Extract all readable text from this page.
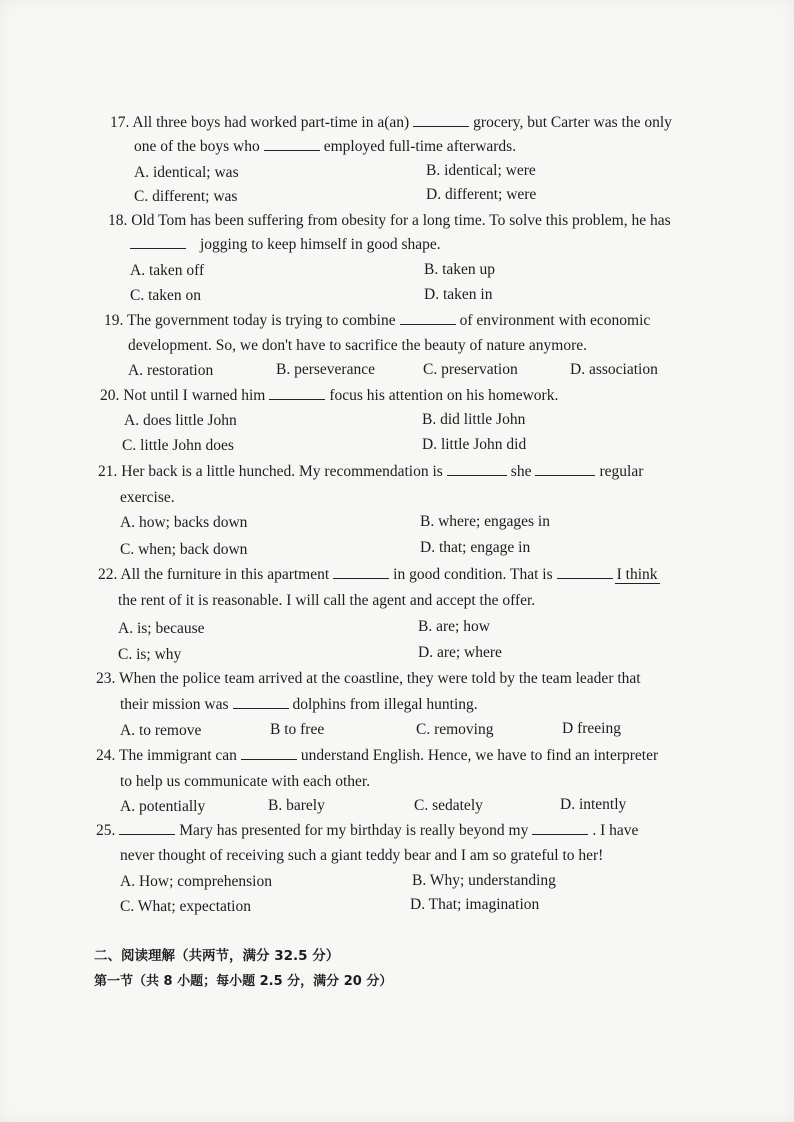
17. All three boys had worked part-time in a(an)	grocery, but Carter was the only
one of the boys who	employed full-time afterwards.
A. identical; was	B. identical; were
C. different; was	D. different; were
18. Old Tom has been suffering from obesity for a long time. To solve this problem, he has
jogging to keep himself in good shape.
A. taken off	B. taken up
C. taken on	D. taken in
19. The government today is trying to combine	of environment with economic
development. So, we don't have to sacrifice the beauty of nature anymore.
A. restoration	B. perseverance	C. preservation	D. association
20. Not until I warned him	focus his attention on his homework.
A. does little John	B. did little John
C. little John does	D. little John did
21. Her back is a little hunched. My recommendation is	she	regular
exercise.
A. how; backs down	B. where; engages in
C. when; back down	D. that; engage in
22. All the furniture in this apartment	in good condition. That is	I think
the rent of it is reasonable. I will call the agent and accept the offer.
A. is; because	B. are; how
C. is; why	D. are; where
23. When the police team arrived at the coastline, they were told by the team leader that
their mission was	dolphins from illegal hunting.
A. to remove	B to free	C. removing	D freeing
24. The immigrant can	understand English. Hence, we have to find an interpreter
to help us communicate with each other.
A. potentially	B. barely	C. sedately	D. intently
25.	Mary has presented for my birthday is really beyond my	. I have
never thought of receiving such a giant teddy bear and I am so grateful to her!
A. How; comprehension	B. Why; understanding
C. What; expectation	D. That; imagination
二、阅读理解（共两节，满分 32.5 分）
第一节（共 8 小题；每小题 2.5 分，满分 20 分）
